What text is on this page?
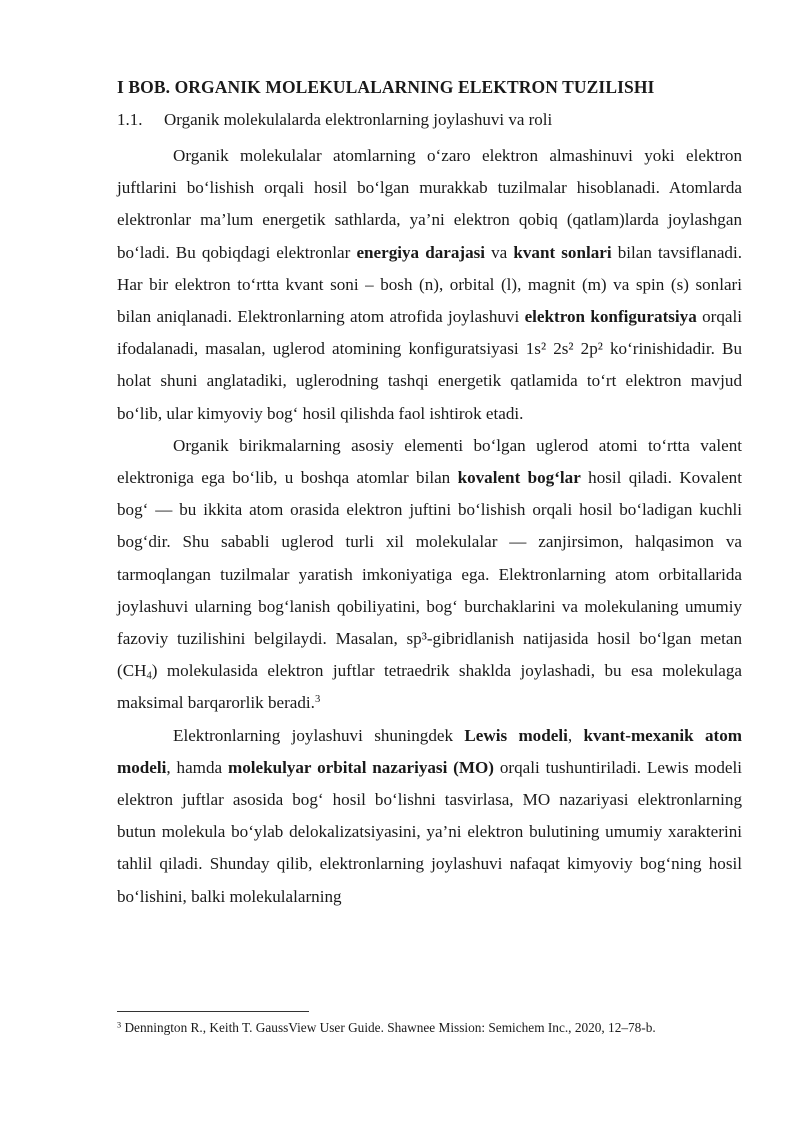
I BOB. ORGANIK MOLEKULALARNING ELEKTRON TUZILISHI
1.1. Organik molekulalarda elektronlarning joylashuvi va roli

Organik molekulalar atomlarning o‘zaro elektron almashinuvi yoki elektron juftlarini bo‘lishish orqali hosil bo‘lgan murakkab tuzilmalar hisoblanadi. Atomlarda elektronlar ma’lum energetik sathlarda, ya’ni elektron qobiq (qatlam)larda joylashgan bo‘ladi. Bu qobiqdagi elektronlar energiya darajasi va kvant sonlari bilan tavsiflanadi. Har bir elektron to‘rtta kvant soni – bosh (n), orbital (l), magnit (m) va spin (s) sonlari bilan aniqlanadi. Elektronlarning atom atrofida joylashuvi elektron konfiguratsiya orqali ifodalanadi, masalan, uglerod atomining konfiguratsiyasi 1s² 2s² 2p² ko‘rinishidadir. Bu holat shuni anglatadiki, uglerodning tashqi energetik qatlamida to‘rt elektron mavjud bo‘lib, ular kimyoviy bog‘ hosil qilishda faol ishtirok etadi.

Organik birikmalarning asosiy elementi bo‘lgan uglerod atomi to‘rtta valent elektroniga ega bo‘lib, u boshqa atomlar bilan kovalent bog‘lar hosil qiladi. Kovalent bog‘ — bu ikkita atom orasida elektron juftini bo‘lishish orqali hosil bo‘ladigan kuchli bog‘dir. Shu sababli uglerod turli xil molekulalar — zanjirsimon, halqasimon va tarmoqlangan tuzilmalar yaratish imkoniyatiga ega. Elektronlarning atom orbitallarida joylashuvi ularning bog‘lanish qobiliyatini, bog‘ burchaklarini va molekulaning umumiy fazoviy tuzilishini belgilaydi. Masalan, sp³-gibridlanish natijasida hosil bo‘lgan metan $(CH_4)$ molekulasida elektron juftlar tetraedrik shaklda joylashadi, bu esa molekulaga maksimal barqarorlik beradi.$^3$

Elektronlarning joylashuvi shuningdek Lewis modeli, kvant-mexanik atom modeli, hamda molekulyar orbital nazariyasi (MO) orqali tushuntiriladi. Lewis modeli elektron juftlar asosida bog‘ hosil bo‘lishni tasvirlasa, MO nazariyasi elektronlarning butun molekula bo‘ylab delokalizatsiyasini, ya’ni elektron bulutining umumiy xarakterini tahlil qiladi. Shunday qilib, elektronlarning joylashuvi nafaqat kimyoviy bog‘ning hosil bo‘lishini, balki molekulalarning

$^3$ Dennington R., Keith T. GaussView User Guide. Shawnee Mission: Semichem Inc., 2020, 12–78-b.
